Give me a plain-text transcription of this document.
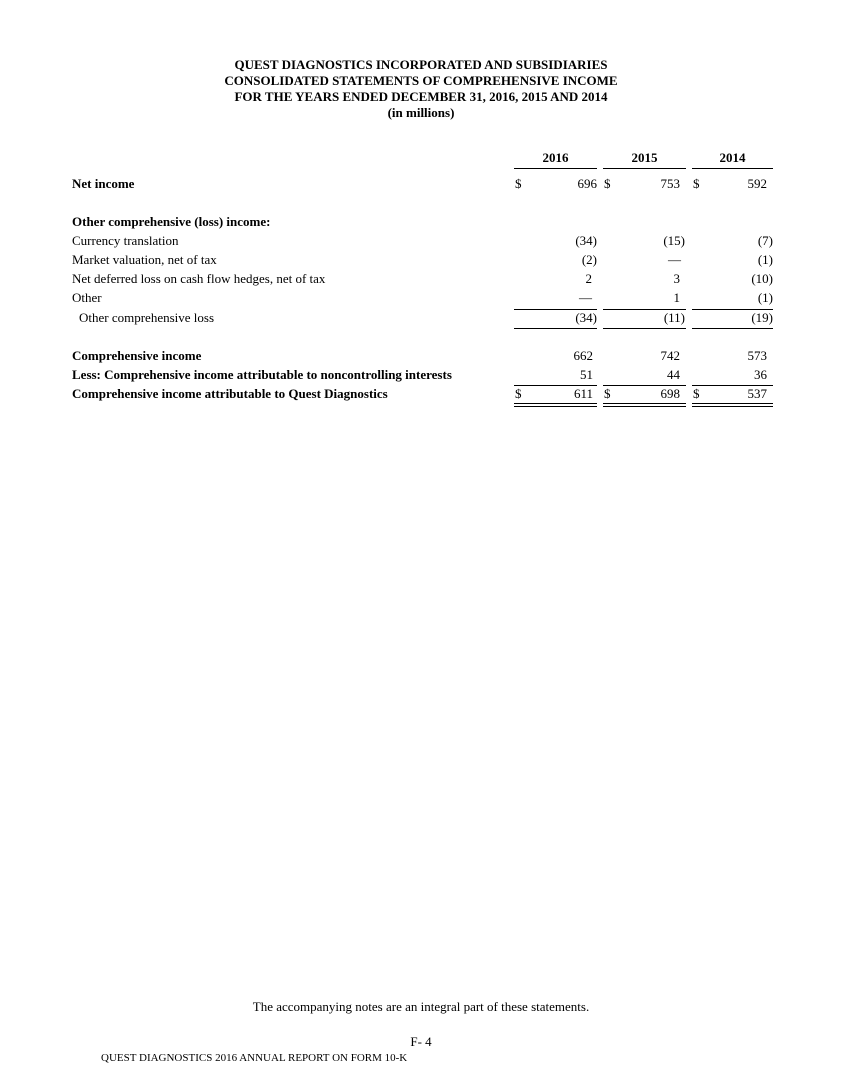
QUEST DIAGNOSTICS INCORPORATED AND SUBSIDIARIES
CONSOLIDATED STATEMENTS OF COMPREHENSIVE INCOME
FOR THE YEARS ENDED DECEMBER 31, 2016, 2015 AND 2014
(in millions)
2016	2015	2014
Net income	$	696 $	753 $	592
Other comprehensive (loss) income:
Currency translation	(34)	(15)	(7)
Market valuation, net of tax	(2)	—	(1)
Net deferred loss on cash flow hedges, net of tax	2	3	(10)
Other	—	1	(1)
Other comprehensive loss	(34)	(11)	(19)
Comprehensive income	662	742	573
Less: Comprehensive income attributable to noncontrolling interests	51	44	36
Comprehensive income attributable to Quest Diagnostics	$	611 $	698 $	537
The accompanying notes are an integral part of these statements.
F- 4
QUEST DIAGNOSTICS 2016 ANNUAL REPORT ON FORM 10-K
